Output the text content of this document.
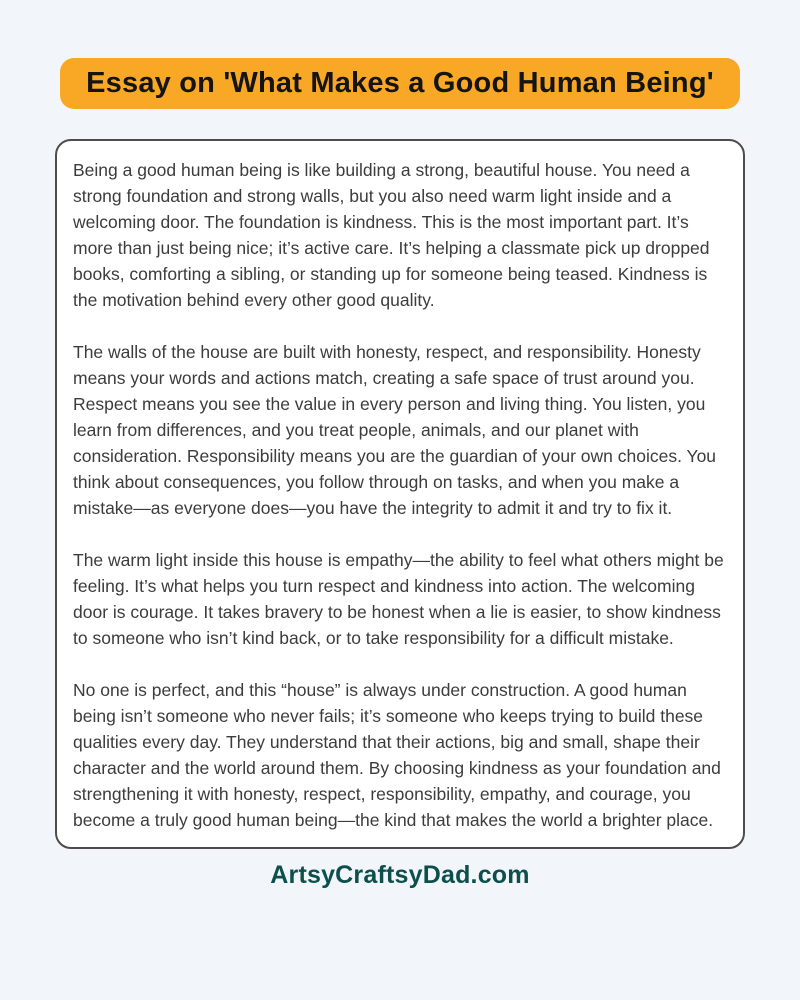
Essay on 'What Makes a Good Human Being'

Being a good human being is like building a strong, beautiful house. You need a strong foundation and strong walls, but you also need warm light inside and a welcoming door. The foundation is kindness. This is the most important part. It’s more than just being nice; it’s active care. It’s helping a classmate pick up dropped books, comforting a sibling, or standing up for someone being teased. Kindness is the motivation behind every other good quality.

The walls of the house are built with honesty, respect, and responsibility. Honesty means your words and actions match, creating a safe space of trust around you. Respect means you see the value in every person and living thing. You listen, you learn from differences, and you treat people, animals, and our planet with consideration. Responsibility means you are the guardian of your own choices. You think about consequences, you follow through on tasks, and when you make a mistake—as everyone does—you have the integrity to admit it and try to fix it.

The warm light inside this house is empathy—the ability to feel what others might be feeling. It’s what helps you turn respect and kindness into action. The welcoming door is courage. It takes bravery to be honest when a lie is easier, to show kindness to someone who isn’t kind back, or to take responsibility for a difficult mistake.

No one is perfect, and this “house” is always under construction. A good human being isn’t someone who never fails; it’s someone who keeps trying to build these qualities every day. They understand that their actions, big and small, shape their character and the world around them. By choosing kindness as your foundation and strengthening it with honesty, respect, responsibility, empathy, and courage, you become a truly good human being—the kind that makes the world a brighter place.

ArtsyCraftsyDad.com
